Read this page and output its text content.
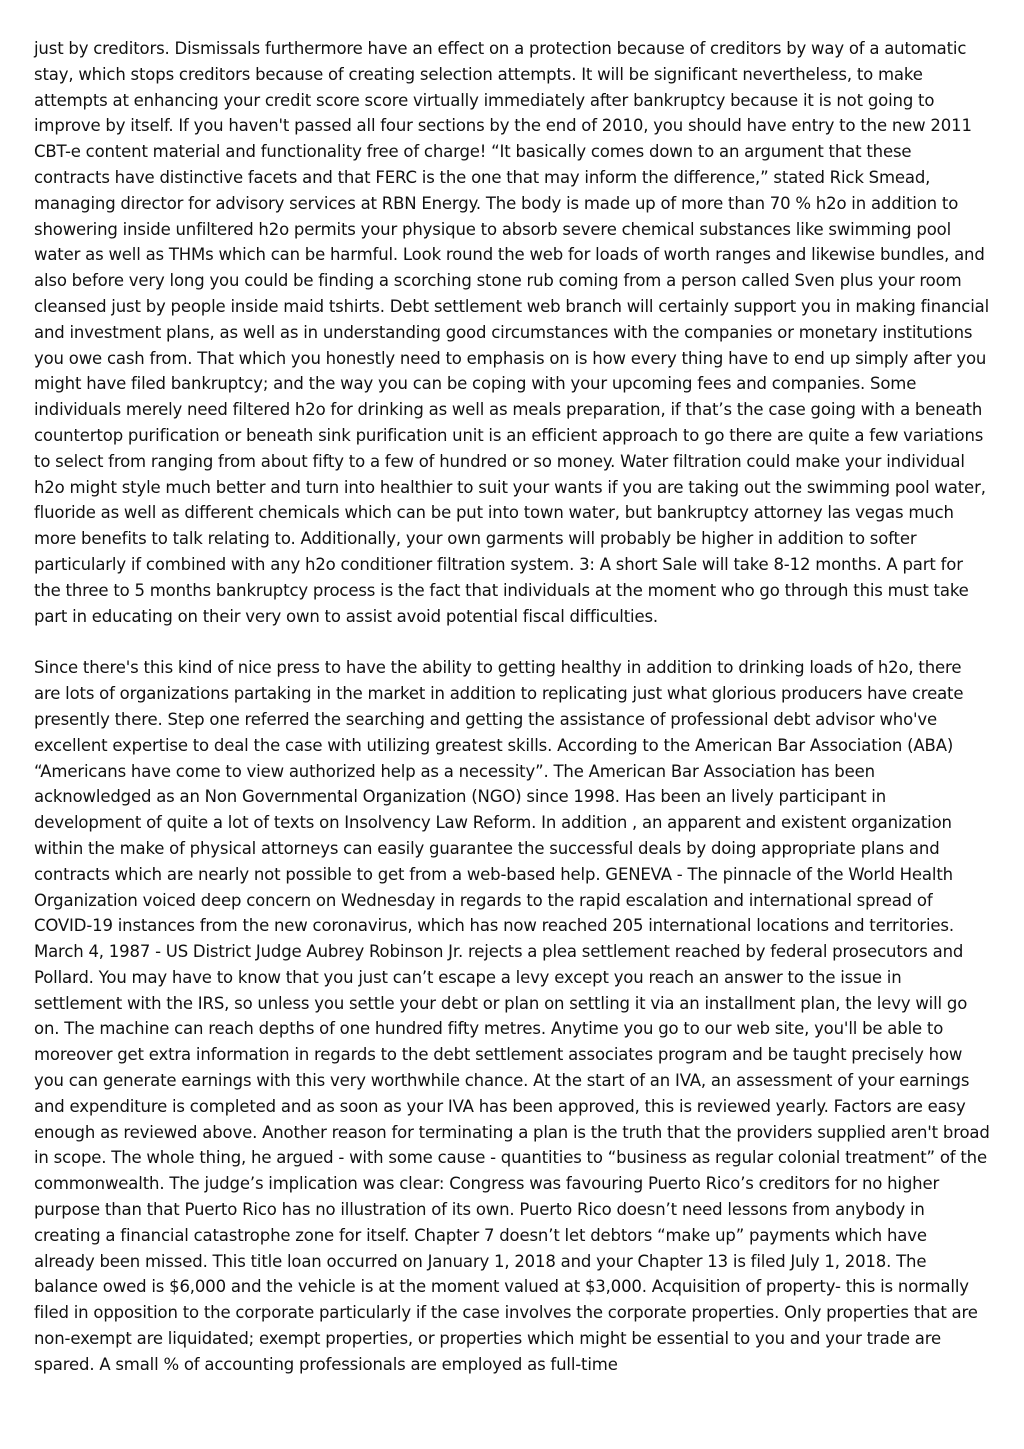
just by creditors. Dismissals furthermore have an effect on a protection because of creditors by way of a automatic stay, which stops creditors because of creating selection attempts. It will be significant nevertheless, to make attempts at enhancing your credit score score virtually immediately after bankruptcy because it is not going to improve by itself. If you haven't passed all four sections by the end of 2010, you should have entry to the new 2011 CBT-e content material and functionality free of charge! “It basically comes down to an argument that these contracts have distinctive facets and that FERC is the one that may inform the difference,” stated Rick Smead, managing director for advisory services at RBN Energy. The body is made up of more than 70 % h2o in addition to showering inside unfiltered h2o permits your physique to absorb severe chemical substances like swimming pool water as well as THMs which can be harmful. Look round the web for loads of worth ranges and likewise bundles, and also before very long you could be finding a scorching stone rub coming from a person called Sven plus your room cleansed just by people inside maid tshirts. Debt settlement web branch will certainly support you in making financial and investment plans, as well as in understanding good circumstances with the companies or monetary institutions you owe cash from. That which you honestly need to emphasis on is how every thing have to end up simply after you might have filed bankruptcy; and the way you can be coping with your upcoming fees and companies. Some individuals merely need filtered h2o for drinking as well as meals preparation, if that’s the case going with a beneath countertop purification or beneath sink purification unit is an efficient approach to go there are quite a few variations to select from ranging from about fifty to a few of hundred or so money. Water filtration could make your individual h2o might style much better and turn into healthier to suit your wants if you are taking out the swimming pool water, fluoride as well as different chemicals which can be put into town water, but bankruptcy attorney las vegas much more benefits to talk relating to. Additionally, your own garments will probably be higher in addition to softer particularly if combined with any h2o conditioner filtration system. 3: A short Sale will take 8-12 months. A part for the three to 5 months bankruptcy process is the fact that individuals at the moment who go through this must take part in educating on their very own to assist avoid potential fiscal difficulties.

Since there's this kind of nice press to have the ability to getting healthy in addition to drinking loads of h2o, there are lots of organizations partaking in the market in addition to replicating just what glorious producers have create presently there. Step one referred the searching and getting the assistance of professional debt advisor who've excellent expertise to deal the case with utilizing greatest skills. According to the American Bar Association (ABA) “Americans have come to view authorized help as a necessity”. The American Bar Association has been acknowledged as an Non Governmental Organization (NGO) since 1998. Has been an lively participant in development of quite a lot of texts on Insolvency Law Reform. In addition , an apparent and existent organization within the make of physical attorneys can easily guarantee the successful deals by doing appropriate plans and contracts which are nearly not possible to get from a web-based help. GENEVA - The pinnacle of the World Health Organization voiced deep concern on Wednesday in regards to the rapid escalation and international spread of COVID-19 instances from the new coronavirus, which has now reached 205 international locations and territories. March 4, 1987 - US District Judge Aubrey Robinson Jr. rejects a plea settlement reached by federal prosecutors and Pollard. You may have to know that you just can’t escape a levy except you reach an answer to the issue in settlement with the IRS, so unless you settle your debt or plan on settling it via an installment plan, the levy will go on. The machine can reach depths of one hundred fifty metres. Anytime you go to our web site, you'll be able to moreover get extra information in regards to the debt settlement associates program and be taught precisely how you can generate earnings with this very worthwhile chance. At the start of an IVA, an assessment of your earnings and expenditure is completed and as soon as your IVA has been approved, this is reviewed yearly. Factors are easy enough as reviewed above. Another reason for terminating a plan is the truth that the providers supplied aren't broad in scope. The whole thing, he argued - with some cause - quantities to “business as regular colonial treatment” of the commonwealth. The judge’s implication was clear: Congress was favouring Puerto Rico’s creditors for no higher purpose than that Puerto Rico has no illustration of its own. Puerto Rico doesn’t need lessons from anybody in creating a financial catastrophe zone for itself. Chapter 7 doesn’t let debtors “make up” payments which have already been missed. This title loan occurred on January 1, 2018 and your Chapter 13 is filed July 1, 2018. The balance owed is $6,000 and the vehicle is at the moment valued at $3,000. Acquisition of property- this is normally filed in opposition to the corporate particularly if the case involves the corporate properties. Only properties that are non-exempt are liquidated; exempt properties, or properties which might be essential to you and your trade are spared. A small % of accounting professionals are employed as full-time
